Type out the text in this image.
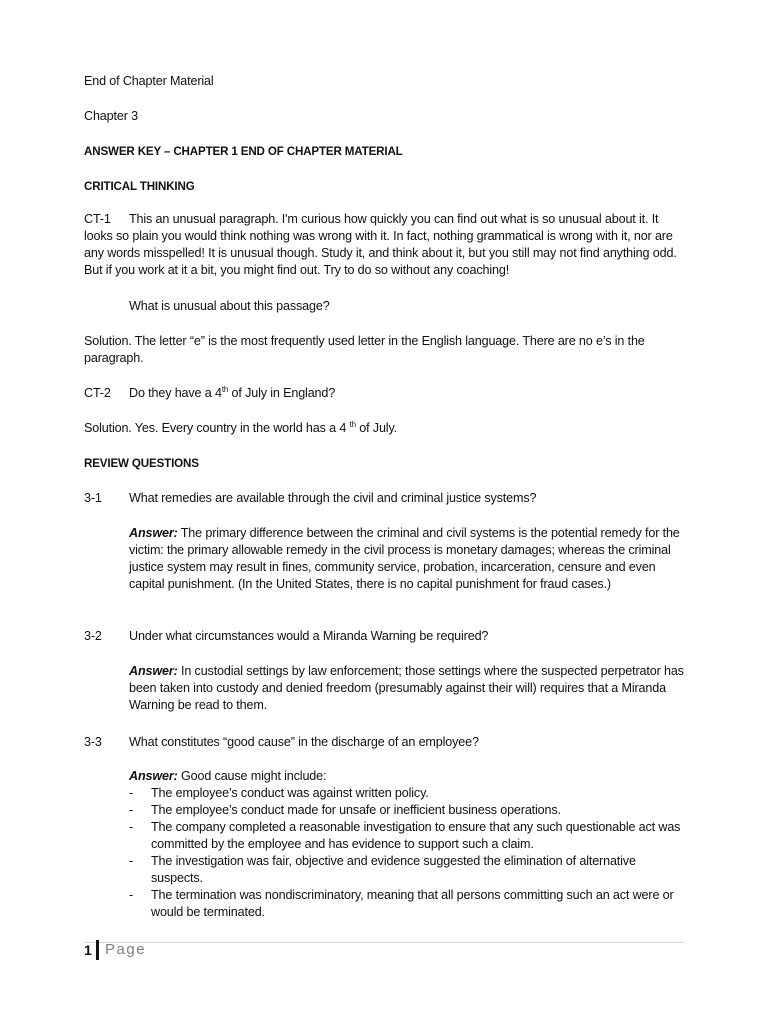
End of Chapter Material
Chapter 3
ANSWER KEY – CHAPTER 1 END OF CHAPTER MATERIAL
CRITICAL THINKING
CT-1 This an unusual paragraph. I'm curious how quickly you can find out what is so unusual about it. It
looks so plain you would think nothing was wrong with it. In fact, nothing grammatical is wrong with it, nor are any words misspelled! It is unusual though. Study it, and think about it, but you still may not find anything odd. But if you work at it a bit, you might find out. Try to do so without any coaching!
What is unusual about this passage?
Solution. The letter “e” is the most frequently used letter in the English language. There are no e’s in the paragraph.
CT-2 Do they have a 4th of July in England?
Solution. Yes. Every country in the world has a 4 $^{th}$ of July.
REVIEW QUESTIONS
3-1 What remedies are available through the civil and criminal justice systems?
Answer: The primary difference between the criminal and civil systems is the potential remedy for the victim: the primary allowable remedy in the civil process is monetary damages; whereas the criminal justice system may result in fines, community service, probation, incarceration, censure and even capital punishment. (In the United States, there is no capital punishment for fraud cases.)
3-2 Under what circumstances would a Miranda Warning be required?
Answer: In custodial settings by law enforcement; those settings where the suspected perpetrator has been taken into custody and denied freedom (presumably against their will) requires that a Miranda Warning be read to them.
3-3 What constitutes “good cause” in the discharge of an employee?
Answer: Good cause might include:
- The employee’s conduct was against written policy.
- The employee’s conduct made for unsafe or inefficient business operations.
- The company completed a reasonable investigation to ensure that any such questionable act was committed by the employee and has evidence to support such a claim.
- The investigation was fair, objective and evidence suggested the elimination of alternative suspects.
- The termination was nondiscriminatory, meaning that all persons committing such an act were or would be terminated.
1 Page
